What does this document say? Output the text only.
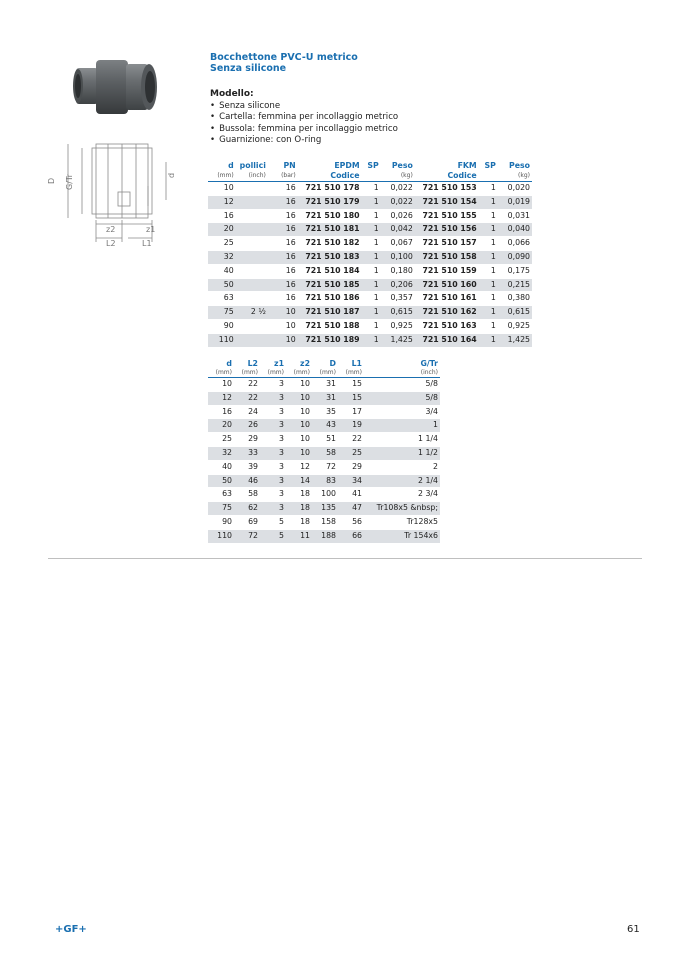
D G/Tr	d
z2	z1
L2	L1
Bocchettone PVC-U metrico
Senza silicone
Modello:
• Senza silicone
• Cartella: femmina per incollaggio metrico
• Bussola: femmina per incollaggio metrico
• Guarnizione: con O-ring
d	pollici	PN	EPDM	SP	Peso	FKM	SP	Peso
(mm)	(inch)	(bar)	Codice		(kg)	Codice		(kg)
10		16	721 510 178	1	0,022	721 510 153	1	0,020
12		16	721 510 179	1	0,022	721 510 154	1	0,019
16		16	721 510 180	1	0,026	721 510 155	1	0,031
20		16	721 510 181	1	0,042	721 510 156	1	0,040
25		16	721 510 182	1	0,067	721 510 157	1	0,066
32		16	721 510 183	1	0,100	721 510 158	1	0,090
40		16	721 510 184	1	0,180	721 510 159	1	0,175
50		16	721 510 185	1	0,206	721 510 160	1	0,215
63		16	721 510 186	1	0,357	721 510 161	1	0,380
75	2 ½	10	721 510 187	1	0,615	721 510 162	1	0,615
90		10	721 510 188	1	0,925	721 510 163	1	0,925
110		10	721 510 189	1	1,425	721 510 164	1	1,425
d	L2	z1	z2	D	L1	G/Tr
(mm)	(mm)	(mm)	(mm)	(mm)	(mm)	(inch)
10	22	3	10	31	15	5/8
12	22	3	10	31	15	5/8
16	24	3	10	35	17	3/4
20	26	3	10	43	19	1
25	29	3	10	51	22	1 1/4
32	33	3	10	58	25	1 1/2
40	39	3	12	72	29	2
50	46	3	14	83	34	2 1/4
63	58	3	18	100	41	2 3/4
75	62	3	18	135	47	Tr108x5 &nbsp;
90	69	5	18	158	56	Tr128x5
110	72	5	11	188	66	Tr 154x6
+GF+	61
